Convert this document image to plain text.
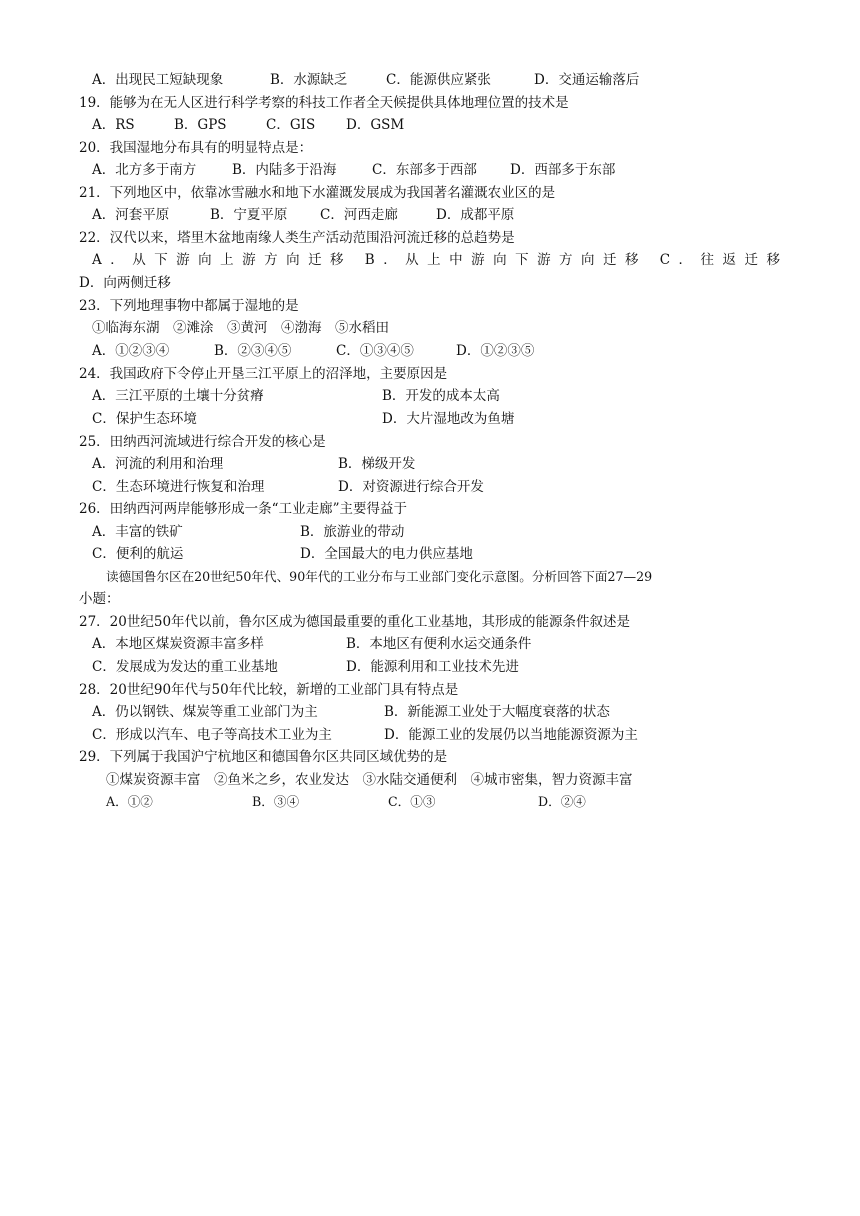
A．出现民工短缺现象	B．水源缺乏	C．能源供应紧张	D．交通运输落后
19．能够为在无人区进行科学考察的科技工作者全天候提供具体地理位置的技术是
A．RS	B．GPS	C．GIS D．GSM
20．我国湿地分布具有的明显特点是：
A．北方多于南方	B．内陆多于沿海	C．东部多于西部 D．西部多于东部
21．下列地区中，依靠冰雪融水和地下水灌溉发展成为我国著名灌溉农业区的是
A．河套平原	B．宁夏平原 C．河西走廊	D．成都平原
22．汉代以来，塔里木盆地南缘人类生产活动范围沿河流迁移的总趋势是
A．从下游向上游方向迁移 B．从上中游向下游方向迁移 C．往返迁移
D．向两侧迁移
23．下列地理事物中都属于湿地的是
①临海东湖　②滩涂　③黄河　④渤海　⑤水稻田
A．①②③④	B．②③④⑤	C．①③④⑤	D．①②③⑤
24．我国政府下令停止开垦三江平原上的沼泽地，主要原因是
A．三江平原的土壤十分贫瘠	B．开发的成本太高
C．保护生态环境	D．大片湿地改为鱼塘
25．田纳西河流域进行综合开发的核心是
A．河流的利用和治理	B．梯级开发
C．生态环境进行恢复和治理	D．对资源进行综合开发
26．田纳西河两岸能够形成一条“工业走廊”主要得益于
A．丰富的铁矿	B．旅游业的带动
C．便利的航运	D．全国最大的电力供应基地
读德国鲁尔区在20世纪50年代、90年代的工业分布与工业部门变化示意图。分析回答下面27—29
小题：
27．20世纪50年代以前，鲁尔区成为德国最重要的重化工业基地，其形成的能源条件叙述是
A．本地区煤炭资源丰富多样	B．本地区有便利水运交通条件
C．发展成为发达的重工业基地	D．能源利用和工业技术先进
28．20世纪90年代与50年代比较，新增的工业部门具有特点是
A．仍以钢铁、煤炭等重工业部门为主	B．新能源工业处于大幅度衰落的状态
C．形成以汽车、电子等高技术工业为主	D．能源工业的发展仍以当地能源资源为主
29．下列属于我国沪宁杭地区和德国鲁尔区共同区域优势的是
①煤炭资源丰富　②鱼米之乡，农业发达　③水陆交通便利　④城市密集，智力资源丰富
A．①②	B．③④	C．①③	D．②④
